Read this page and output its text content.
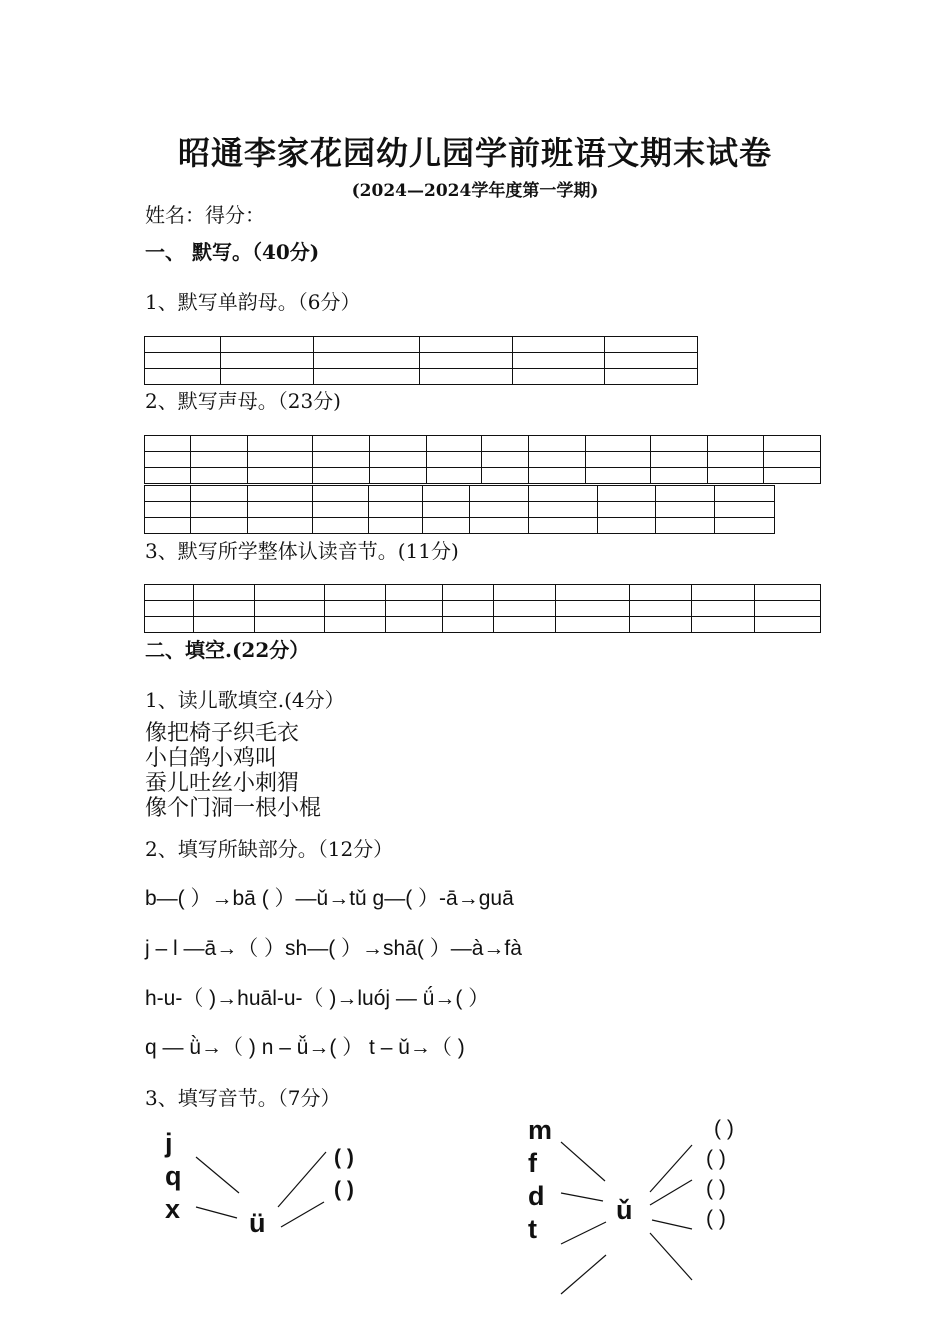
昭通李家花园幼儿园学前班语文期末试卷
(2024—2024学年度第一学期)
姓名：得分：
一、 默写。（40分)
1、默写单韵母。（6分）

2、默写声母。（23分)

3、默写所学整体认读音节。(11分)

二、填空.(22分）
1、读儿歌填空.(4分）
像把椅子织毛衣
小白鸽小鸡叫
蚕儿吐丝小刺猬
像个门洞一根小棍
2、填写所缺部分。（12分）
b—( ）→bā ( ）—ǔ→tǔ g—( ）-ā→guā
j – l —ā→（ ）sh—( ）→shā( ）—à→fà
h-u-（ )→huāl-u-（ )→luój — ǘ→( ）
q — ǜ→（ ) n – ǚ→( ） t – ǔ→（ )
3、填写音节。（7分）
j
q
x	ü
( )
( )
m
f
d
t
ǔ
( )
( )
( )
( )
